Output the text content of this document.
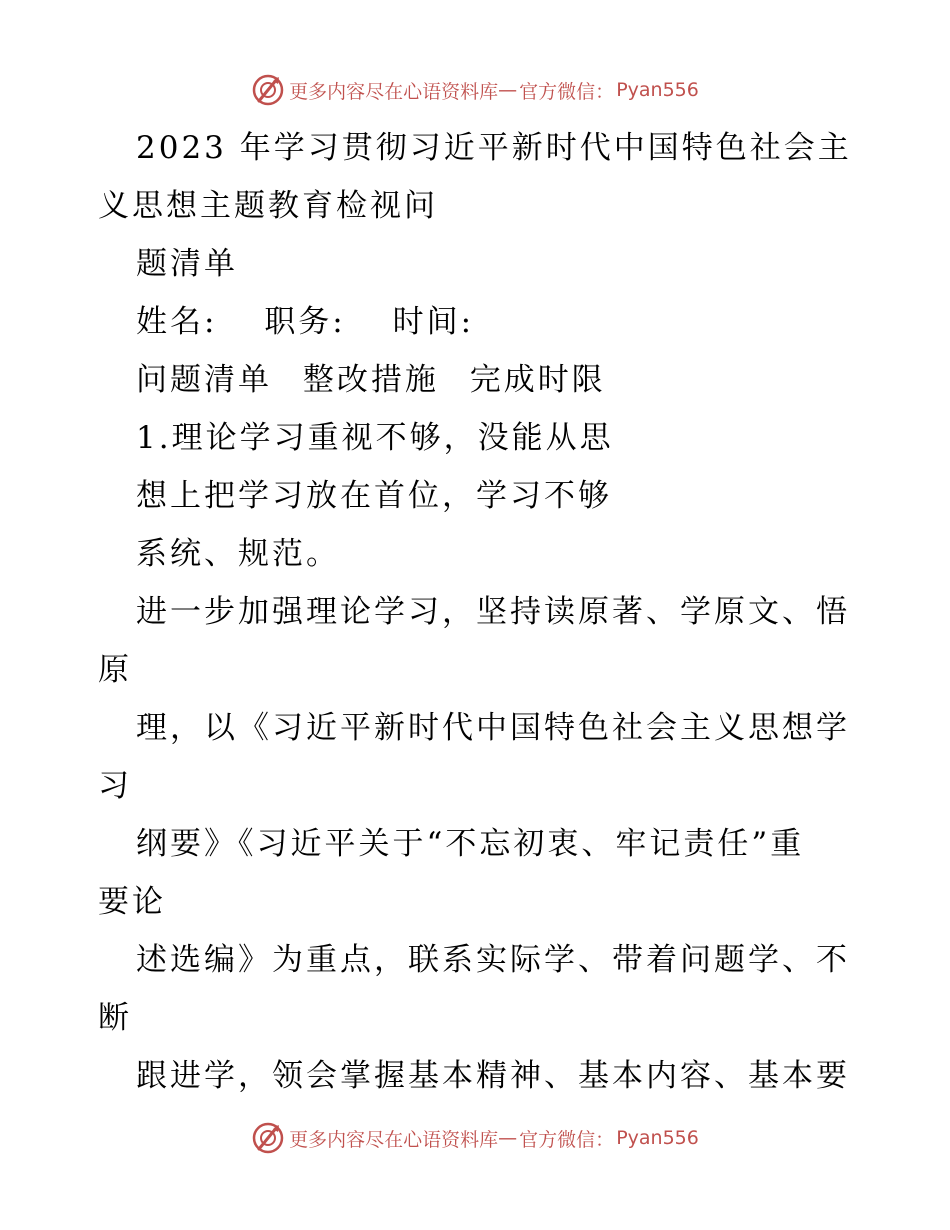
更多内容尽在心语资料库 — 官方微信： Pyan556
2023 年学习贯彻习近平新时代中国特色社会主
义思想主题教育检视问
题清单
姓名: 职务: 时间:
问题清单 整改措施 完成时限
1.理论学习重视不够，没能从思
想上把学习放在首位，学习不够
系统、规范。
进一步加强理论学习，坚持读原著、学原文、悟
原
理，以《习近平新时代中国特色社会主义思想学
习
纲要》《习近平关于“不忘初衷、牢记责任”重
要论
述选编》为重点，联系实际学、带着问题学、不
断
跟进学，领会掌握基本精神、基本内容、基本要
更多内容尽在心语资料库 — 官方微信： Pyan556
